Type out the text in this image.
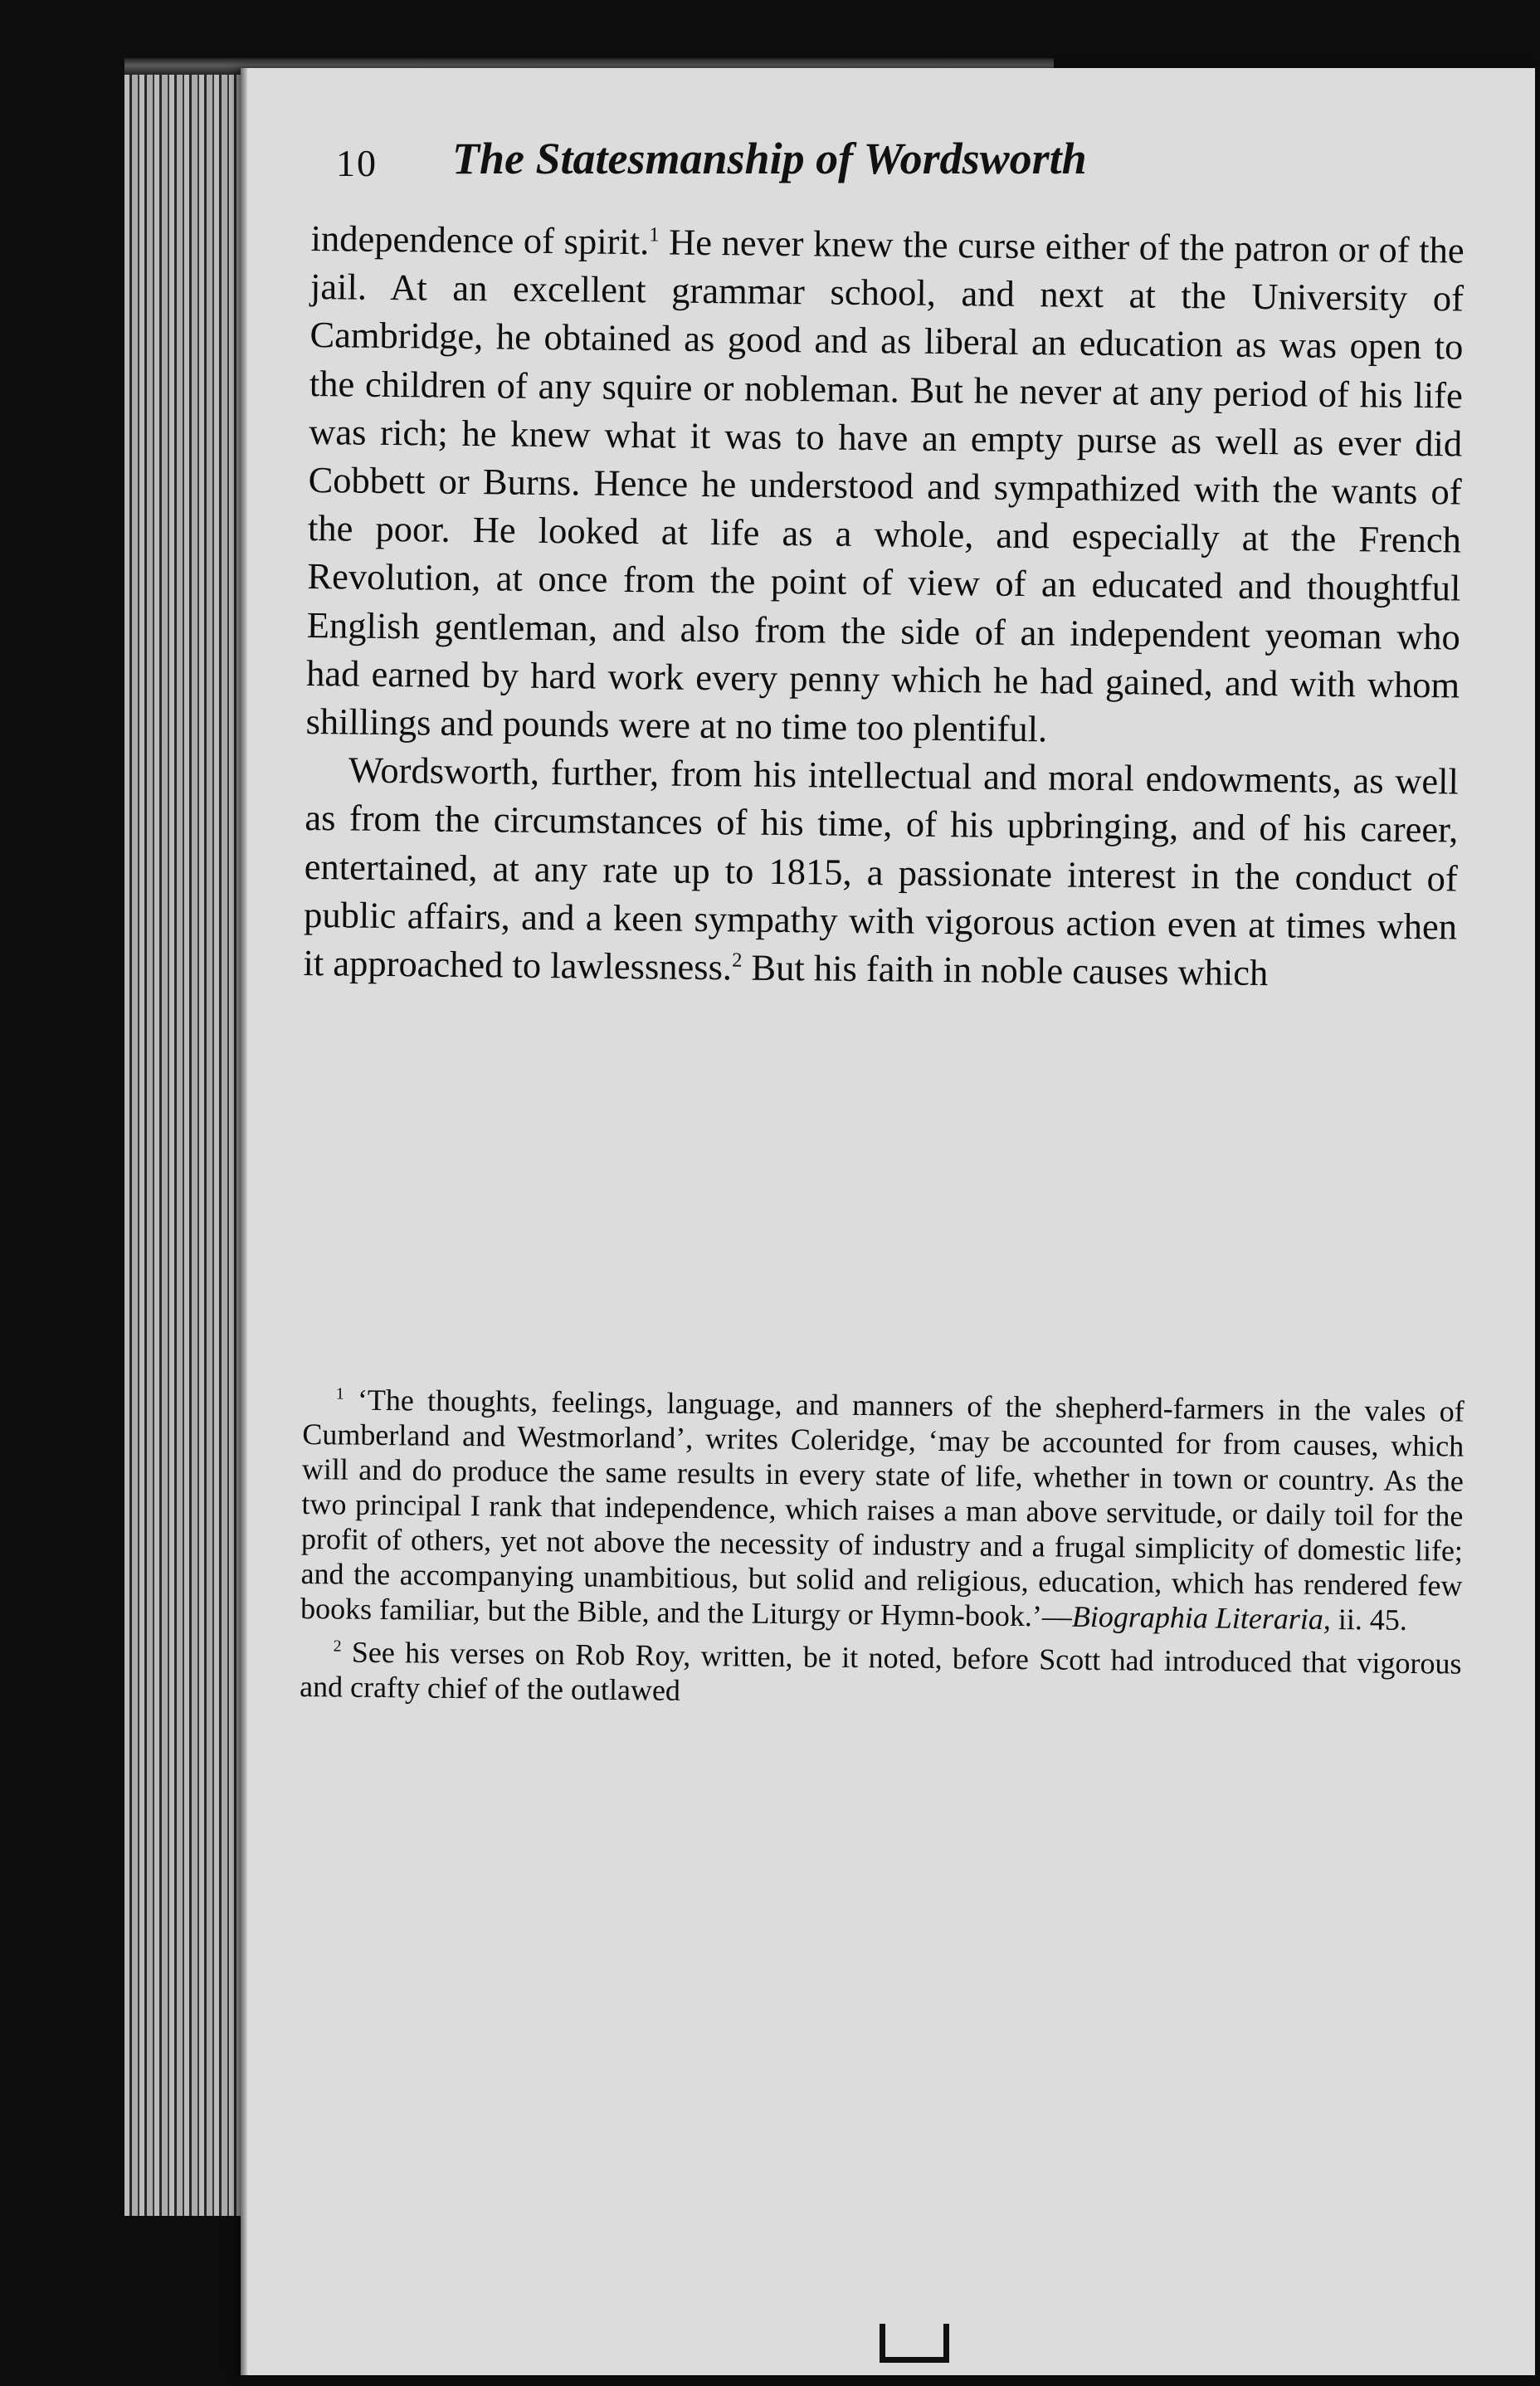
10 The Statesmanship of Wordsworth

independence of spirit.$^1$ He never knew the curse either of the patron or of the jail. At an excellent grammar school, and next at the University of Cambridge, he obtained as good and as liberal an education as was open to the children of any squire or nobleman. But he never at any period of his life was rich; he knew what it was to have an empty purse as well as ever did Cobbett or Burns. Hence he understood and sympathized with the wants of the poor. He looked at life as a whole, and especially at the French Revolution, at once from the point of view of an educated and thoughtful English gentleman, and also from the side of an independent yeoman who had earned by hard work every penny which he had gained, and with whom shillings and pounds were at no time too plentiful.

Wordsworth, further, from his intellectual and moral endowments, as well as from the circumstances of his time, of his upbringing, and of his career, entertained, at any rate up to 1815, a passionate interest in the conduct of public affairs, and a keen sympathy with vigorous action even at times when it approached to lawlessness.$^2$ But his faith in noble causes which

$^1$ ‘The thoughts, feelings, language, and manners of the shepherd-farmers in the vales of Cumberland and Westmorland’, writes Coleridge, ‘may be accounted for from causes, which will and do produce the same results in every state of life, whether in town or country. As the two principal I rank that independence, which raises a man above servitude, or daily toil for the profit of others, yet not above the necessity of industry and a frugal simplicity of domestic life; and the accompanying unambitious, but solid and religious, education, which has rendered few books familiar, but the Bible, and the Liturgy or Hymn-book.’—Biographia Literaria, ii. 45.

$^2$ See his verses on Rob Roy, written, be it noted, before Scott had introduced that vigorous and crafty chief of the outlawed
